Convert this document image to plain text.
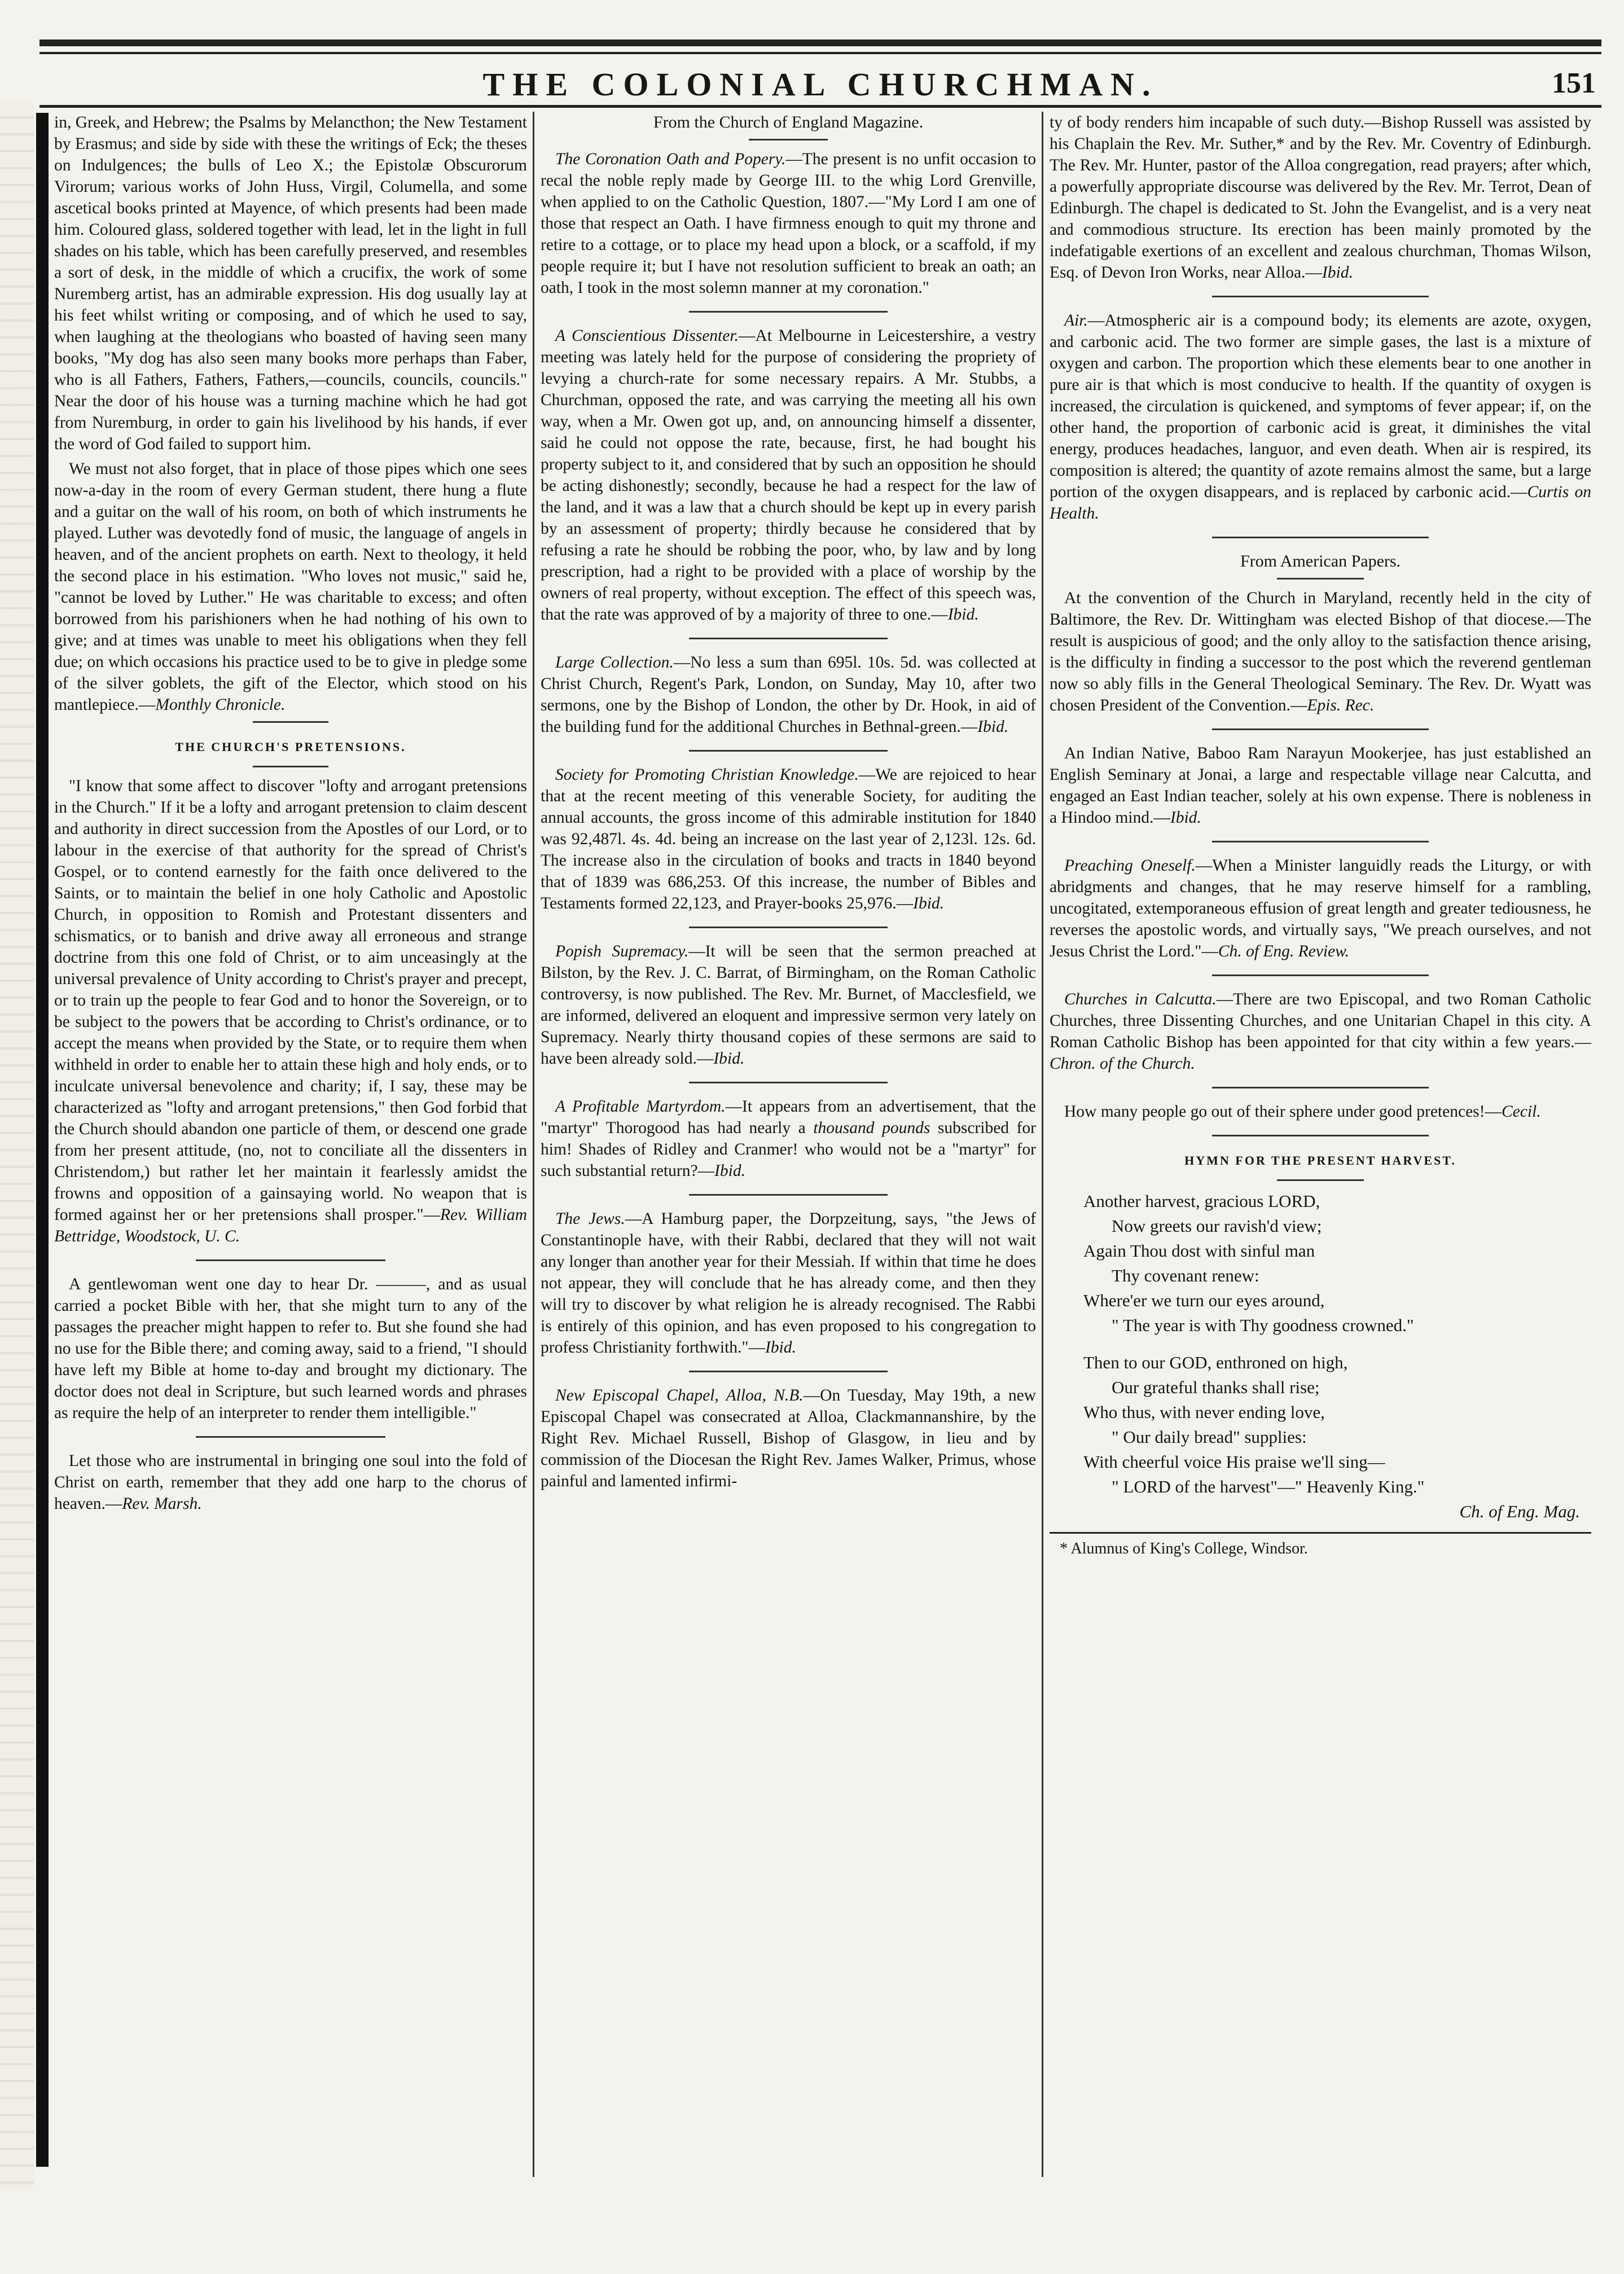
THE COLONIAL CHURCHMAN.	151

in, Greek, and Hebrew; the Psalms by Melancthon; the New Testament by Erasmus; and side by side with these the writings of Eck; the theses on Indulgences; the bulls of Leo X.; the Epistolæ Obscurorum Virorum; various works of John Huss, Virgil, Columella, and some ascetical books printed at Mayence, of which presents had been made him. Coloured glass, soldered together with lead, let in the light in full shades on his table, which has been carefully preserved, and resembles a sort of desk, in the middle of which a crucifix, the work of some Nuremberg artist, has an admirable expression. His dog usually lay at his feet whilst writing or composing, and of which he used to say, when laughing at the theologians who boasted of having seen many books, "My dog has also seen many books more perhaps than Faber, who is all Fathers, Fathers, Fathers,—councils, councils, councils." Near the door of his house was a turning machine which he had got from Nuremburg, in order to gain his livelihood by his hands, if ever the word of God failed to support him.

We must not also forget, that in place of those pipes which one sees now-a-day in the room of every German student, there hung a flute and a guitar on the wall of his room, on both of which instruments he played. Luther was devotedly fond of music, the language of angels in heaven, and of the ancient prophets on earth. Next to theology, it held the second place in his estimation. "Who loves not music," said he, "cannot be loved by Luther." He was charitable to excess; and often borrowed from his parishioners when he had nothing of his own to give; and at times was unable to meet his obligations when they fell due; on which occasions his practice used to be to give in pledge some of the silver goblets, the gift of the Elector, which stood on his mantlepiece.—Monthly Chronicle.

THE CHURCH'S PRETENSIONS.

"I know that some affect to discover "lofty and arrogant pretensions in the Church." If it be a lofty and arrogant pretension to claim descent and authority in direct succession from the Apostles of our Lord, or to labour in the exercise of that authority for the spread of Christ's Gospel, or to contend earnestly for the faith once delivered to the Saints, or to maintain the belief in one holy Catholic and Apostolic Church, in opposition to Romish and Protestant dissenters and schismatics, or to banish and drive away all erroneous and strange doctrine from this one fold of Christ, or to aim unceasingly at the universal prevalence of Unity according to Christ's prayer and precept, or to train up the people to fear God and to honor the Sovereign, or to be subject to the powers that be according to Christ's ordinance, or to accept the means when provided by the State, or to require them when withheld in order to enable her to attain these high and holy ends, or to inculcate universal benevolence and charity; if, I say, these may be characterized as "lofty and arrogant pretensions," then God forbid that the Church should abandon one particle of them, or descend one grade from her present attitude, (no, not to conciliate all the dissenters in Christendom,) but rather let her maintain it fearlessly amidst the frowns and opposition of a gainsaying world. No weapon that is formed against her or her pretensions shall prosper."—Rev. William Bettridge, Woodstock, U. C.

A gentlewoman went one day to hear Dr. ———, and as usual carried a pocket Bible with her, that she might turn to any of the passages the preacher might happen to refer to. But she found she had no use for the Bible there; and coming away, said to a friend, "I should have left my Bible at home to-day and brought my dictionary. The doctor does not deal in Scripture, but such learned words and phrases as require the help of an interpreter to render them intelligible."

Let those who are instrumental in bringing one soul into the fold of Christ on earth, remember that they add one harp to the chorus of heaven.—Rev. Marsh.

From the Church of England Magazine.

The Coronation Oath and Popery.—The present is no unfit occasion to recal the noble reply made by George III. to the whig Lord Grenville, when applied to on the Catholic Question, 1807.—"My Lord I am one of those that respect an Oath. I have firmness enough to quit my throne and retire to a cottage, or to place my head upon a block, or a scaffold, if my people require it; but I have not resolution sufficient to break an oath; an oath, I took in the most solemn manner at my coronation."

A Conscientious Dissenter.—At Melbourne in Leicestershire, a vestry meeting was lately held for the purpose of considering the propriety of levying a church-rate for some necessary repairs. A Mr. Stubbs, a Churchman, opposed the rate, and was carrying the meeting all his own way, when a Mr. Owen got up, and, on announcing himself a dissenter, said he could not oppose the rate, because, first, he had bought his property subject to it, and considered that by such an opposition he should be acting dishonestly; secondly, because he had a respect for the law of the land, and it was a law that a church should be kept up in every parish by an assessment of property; thirdly because he considered that by refusing a rate he should be robbing the poor, who, by law and by long prescription, had a right to be provided with a place of worship by the owners of real property, without exception. The effect of this speech was, that the rate was approved of by a majority of three to one.—Ibid.

Large Collection.—No less a sum than 695l. 10s. 5d. was collected at Christ Church, Regent's Park, London, on Sunday, May 10, after two sermons, one by the Bishop of London, the other by Dr. Hook, in aid of the building fund for the additional Churches in Bethnal-green.—Ibid.

Society for Promoting Christian Knowledge.—We are rejoiced to hear that at the recent meeting of this venerable Society, for auditing the annual accounts, the gross income of this admirable institution for 1840 was 92,487l. 4s. 4d. being an increase on the last year of 2,123l. 12s. 6d. The increase also in the circulation of books and tracts in 1840 beyond that of 1839 was 686,253. Of this increase, the number of Bibles and Testaments formed 22,123, and Prayer-books 25,976.—Ibid.

Popish Supremacy.—It will be seen that the sermon preached at Bilston, by the Rev. J. C. Barrat, of Birmingham, on the Roman Catholic controversy, is now published. The Rev. Mr. Burnet, of Macclesfield, we are informed, delivered an eloquent and impressive sermon very lately on Supremacy. Nearly thirty thousand copies of these sermons are said to have been already sold.—Ibid.

A Profitable Martyrdom.—It appears from an advertisement, that the "martyr" Thorogood has had nearly a thousand pounds subscribed for him! Shades of Ridley and Cranmer! who would not be a "martyr" for such substantial return?—Ibid.

The Jews.—A Hamburg paper, the Dorpzeitung, says, "the Jews of Constantinople have, with their Rabbi, declared that they will not wait any longer than another year for their Messiah. If within that time he does not appear, they will conclude that he has already come, and then they will try to discover by what religion he is already recognised. The Rabbi is entirely of this opinion, and has even proposed to his congregation to profess Christianity forthwith."—Ibid.

New Episcopal Chapel, Alloa, N.B.—On Tuesday, May 19th, a new Episcopal Chapel was consecrated at Alloa, Clackmannanshire, by the Right Rev. Michael Russell, Bishop of Glasgow, in lieu and by commission of the Diocesan the Right Rev. James Walker, Primus, whose painful and lamented infirmi-

ty of body renders him incapable of such duty.—Bishop Russell was assisted by his Chaplain the Rev. Mr. Suther,* and by the Rev. Mr. Coventry of Edinburgh. The Rev. Mr. Hunter, pastor of the Alloa congregation, read prayers; after which, a powerfully appropriate discourse was delivered by the Rev. Mr. Terrot, Dean of Edinburgh. The chapel is dedicated to St. John the Evangelist, and is a very neat and commodious structure. Its erection has been mainly promoted by the indefatigable exertions of an excellent and zealous churchman, Thomas Wilson, Esq. of Devon Iron Works, near Alloa.—Ibid.

Air.—Atmospheric air is a compound body; its elements are azote, oxygen, and carbonic acid. The two former are simple gases, the last is a mixture of oxygen and carbon. The proportion which these elements bear to one another in pure air is that which is most conducive to health. If the quantity of oxygen is increased, the circulation is quickened, and symptoms of fever appear; if, on the other hand, the proportion of carbonic acid is great, it diminishes the vital energy, produces headaches, languor, and even death. When air is respired, its composition is altered; the quantity of azote remains almost the same, but a large portion of the oxygen disappears, and is replaced by carbonic acid.—Curtis on Health.

From American Papers.

At the convention of the Church in Maryland, recently held in the city of Baltimore, the Rev. Dr. Wittingham was elected Bishop of that diocese.—The result is auspicious of good; and the only alloy to the satisfaction thence arising, is the difficulty in finding a successor to the post which the reverend gentleman now so ably fills in the General Theological Seminary. The Rev. Dr. Wyatt was chosen President of the Convention.—Epis. Rec.

An Indian Native, Baboo Ram Narayun Mookerjee, has just established an English Seminary at Jonai, a large and respectable village near Calcutta, and engaged an East Indian teacher, solely at his own expense. There is nobleness in a Hindoo mind.—Ibid.

Preaching Oneself.—When a Minister languidly reads the Liturgy, or with abridgments and changes, that he may reserve himself for a rambling, uncogitated, extemporaneous effusion of great length and greater tediousness, he reverses the apostolic words, and virtually says, "We preach ourselves, and not Jesus Christ the Lord."—Ch. of Eng. Review.

Churches in Calcutta.—There are two Episcopal, and two Roman Catholic Churches, three Dissenting Churches, and one Unitarian Chapel in this city. A Roman Catholic Bishop has been appointed for that city within a few years.—Chron. of the Church.

How many people go out of their sphere under good pretences!—Cecil.

HYMN FOR THE PRESENT HARVEST.
Another harvest, gracious LORD,
Now greets our ravish'd view;
Again Thou dost with sinful man
Thy covenant renew:
Where'er we turn our eyes around,
" The year is with Thy goodness crowned."
Then to our GOD, enthroned on high,
Our grateful thanks shall rise;
Who thus, with never ending love,
" Our daily bread" supplies:
With cheerful voice His praise we'll sing—
" LORD of the harvest"—" Heavenly King."
Ch. of Eng. Mag.

* Alumnus of King's College, Windsor.
